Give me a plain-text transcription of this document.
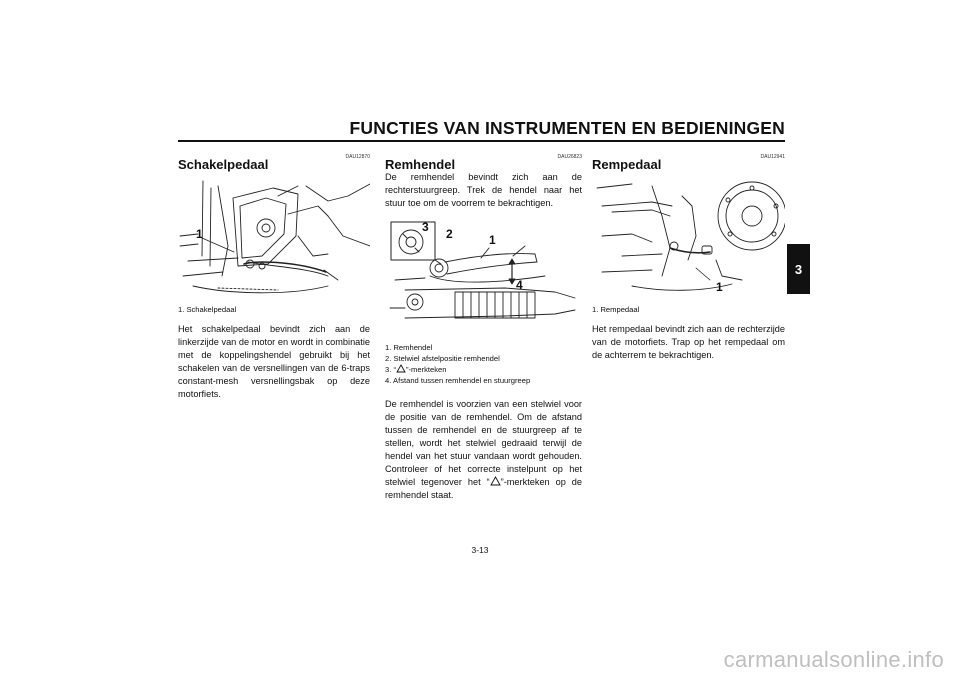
FUNCTIES VAN INSTRUMENTEN EN BEDIENINGEN
3
DAU12870
Schakelpedaal
1
1. Schakelpedaal
Het schakelpedaal bevindt zich aan de linkerzijde van de motor en wordt in combinatie met de koppelingshendel gebruikt bij het schakelen van de versnellingen van de 6-traps constant-mesh versnellingsbak op deze motorfiets.
DAU26823
Remhendel
De remhendel bevindt zich aan de rechterstuurgreep. Trek de hendel naar het stuur toe om de voorrem te bekrachtigen.
3 2	1
4
1. Remhendel
2. Stelwiel afstelpositie remhendel
3. “ ”-merkteken
4. Afstand tussen remhendel en stuurgreep
De remhendel is voorzien van een stelwiel voor de positie van de remhendel. Om de afstand tussen de remhendel en de stuurgreep af te stellen, wordt het stelwiel gedraaid terwijl de hendel van het stuur vandaan wordt gehouden. Controleer of het correcte instelpunt op het stelwiel tegenover het “ ”-merkteken op de remhendel staat.
DAU12941
Rempedaal
1
1. Rempedaal
Het rempedaal bevindt zich aan de rechterzijde van de motorfiets. Trap op het rempedaal om de achterrem te bekrachtigen.
3-13
carmanualsonline.info
